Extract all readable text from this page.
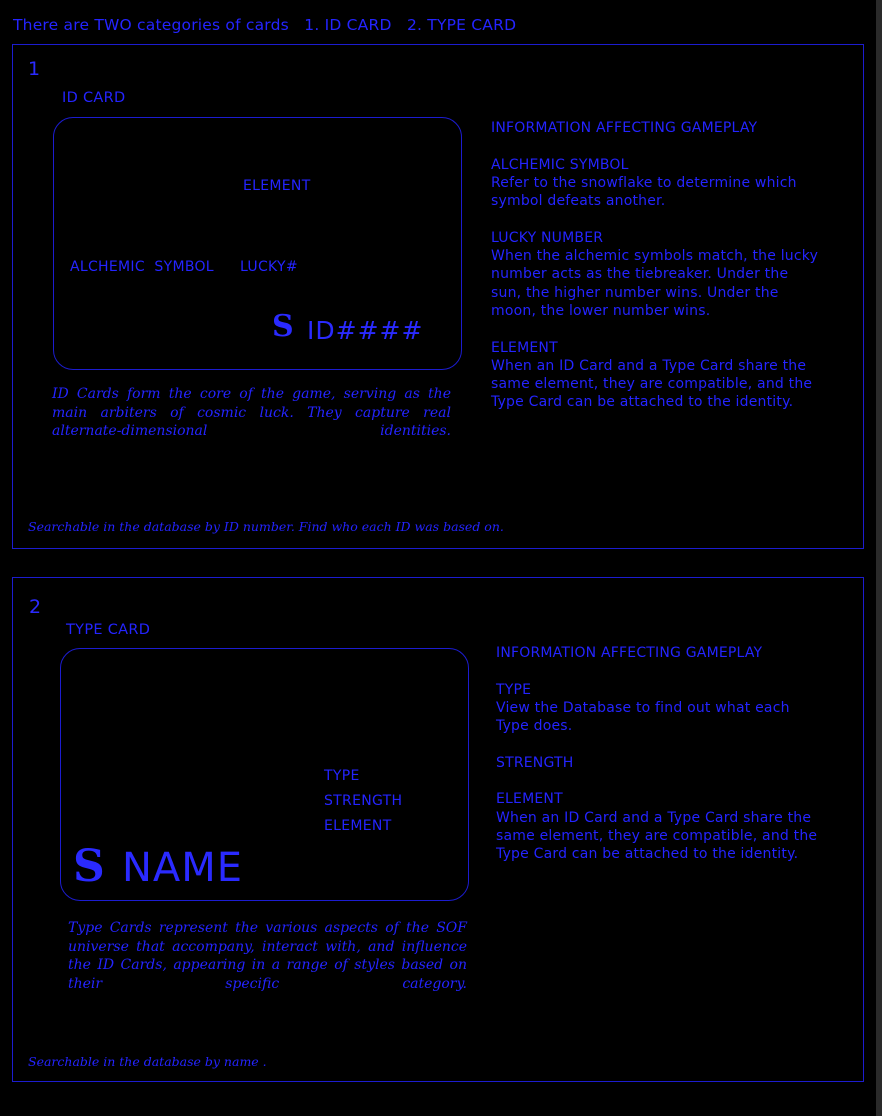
There are TWO categories of cards   1. ID CARD   2. TYPE CARD
1
ID CARD
ELEMENT
ALCHEMIC  SYMBOL LUCKY#
S ID####
ID Cards form the core of the game, serving as the main arbiters of cosmic luck. They capture real alternate-dimensional identities.
Searchable in the database by ID number. Find who each ID was based on.
INFORMATION AFFECTING GAMEPLAY
ALCHEMIC SYMBOL
Refer to the snowflake to determine which symbol defeats another.
LUCKY NUMBER
When the alchemic symbols match, the lucky number acts as the tiebreaker. Under the sun, the higher number wins. Under the moon, the lower number wins.
ELEMENT
When an ID Card and a Type Card share the same element, they are compatible, and the Type Card can be attached to the identity.
2
TYPE CARD
TYPE
STRENGTH
ELEMENT
S NAME
Type Cards represent the various aspects of the SOF universe that accompany, interact with, and influence the ID Cards, appearing in a range of styles based on their specific category.
Searchable in the database by name .
INFORMATION AFFECTING GAMEPLAY
TYPE
View the Database to find out what each Type does.
STRENGTH
ELEMENT
When an ID Card and a Type Card share the same element, they are compatible, and the Type Card can be attached to the identity.
